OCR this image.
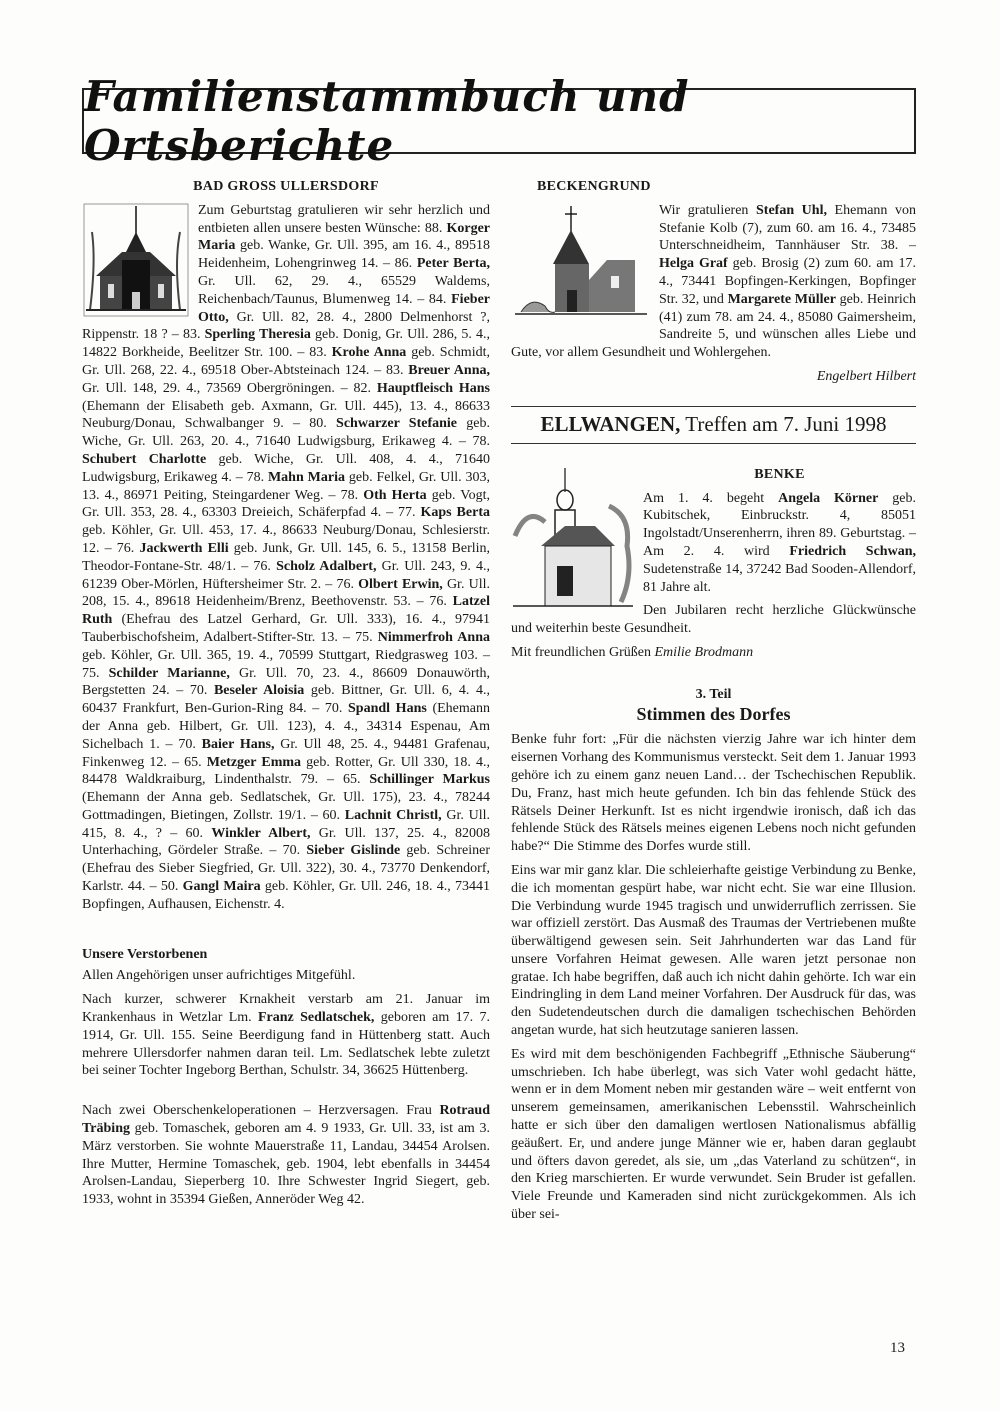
Familienstammbuch und Ortsberichte
BAD GROSS ULLERSDORF

Zum Geburtstag gratulieren wir sehr herzlich und entbieten allen unsere besten Wünsche: 88. Korger Maria geb. Wanke, Gr. Ull. 395, am 16. 4., 89518 Heidenheim, Lohengrinweg 14. – 86. Peter Berta, Gr. Ull. 62, 29. 4., 65529 Waldems, Reichenbach/Taunus, Blumenweg 14. – 84. Fieber Otto, Gr. Ull. 82, 28. 4., 2800 Delmenhorst ?, Rippenstr. 18 ? – 83. Sperling Theresia geb. Donig, Gr. Ull. 286, 5. 4., 14822 Borkheide, Beelitzer Str. 100. – 83. Krohe Anna geb. Schmidt, Gr. Ull. 268, 22. 4., 69518 Ober-Abtsteinach 124. – 83. Breuer Anna, Gr. Ull. 148, 29. 4., 73569 Obergröningen. – 82. Hauptfleisch Hans (Ehemann der Elisabeth geb. Axmann, Gr. Ull. 445), 13. 4., 86633 Neuburg/Donau, Schwalbanger 9. – 80. Schwarzer Stefanie geb. Wiche, Gr. Ull. 263, 20. 4., 71640 Ludwigsburg, Erikaweg 4. – 78. Schubert Charlotte geb. Wiche, Gr. Ull. 408, 4. 4., 71640 Ludwigsburg, Erikaweg 4. – 78. Mahn Maria geb. Felkel, Gr. Ull. 303, 13. 4., 86971 Peiting, Steingardener Weg. – 78. Oth Herta geb. Vogt, Gr. Ull. 353, 28. 4., 63303 Dreieich, Schäferpfad 4. – 77. Kaps Berta geb. Köhler, Gr. Ull. 453, 17. 4., 86633 Neuburg/Donau, Schlesierstr. 12. – 76. Jackwerth Elli geb. Junk, Gr. Ull. 145, 6. 5., 13158 Berlin, Theodor-Fontane-Str. 48/1. – 76. Scholz Adalbert, Gr. Ull. 243, 9. 4., 61239 Ober-Mörlen, Hüftersheimer Str. 2. – 76. Olbert Erwin, Gr. Ull. 208, 15. 4., 89618 Heidenheim/Brenz, Beethovenstr. 53. – 76. Latzel Ruth (Ehefrau des Latzel Gerhard, Gr. Ull. 333), 16. 4., 97941 Tauberbischofsheim, Adalbert-Stifter-Str. 13. – 75. Nimmerfroh Anna geb. Köhler, Gr. Ull. 365, 19. 4., 70599 Stuttgart, Riedgrasweg 103. – 75. Schilder Marianne, Gr. Ull. 70, 23. 4., 86609 Donauwörth, Bergstetten 24. – 70. Beseler Aloisia geb. Bittner, Gr. Ull. 6, 4. 4., 60437 Frankfurt, Ben-Gurion-Ring 84. – 70. Spandl Hans (Ehemann der Anna geb. Hilbert, Gr. Ull. 123), 4. 4., 34314 Espenau, Am Sichelbach 1. – 70. Baier Hans, Gr. Ull 48, 25. 4., 94481 Grafenau, Finkenweg 12. – 65. Metzger Emma geb. Rotter, Gr. Ull 330, 18. 4., 84478 Waldkraiburg, Lindenthalstr. 79. – 65. Schillinger Markus (Ehemann der Anna geb. Sedlatschek, Gr. Ull. 175), 23. 4., 78244 Gottmadingen, Bietingen, Zollstr. 19/1. – 60. Lachnit Christl, Gr. Ull. 415, 8. 4., ? – 60. Winkler Albert, Gr. Ull. 137, 25. 4., 82008 Unterhaching, Gördeler Straße. – 70. Sieber Gislinde geb. Schreiner (Ehefrau des Sieber Siegfried, Gr. Ull. 322), 30. 4., 73770 Denkendorf, Karlstr. 44. – 50. Gangl Maira geb. Köhler, Gr. Ull. 246, 18. 4., 73441 Bopfingen, Aufhausen, Eichenstr. 4.

Unsere Verstorbenen

Allen Angehörigen unser aufrichtiges Mitgefühl.

Nach kurzer, schwerer Krnakheit verstarb am 21. Januar im Krankenhaus in Wetzlar Lm. Franz Sedlatschek, geboren am 17. 7. 1914, Gr. Ull. 155. Seine Beerdigung fand in Hüttenberg statt. Auch mehrere Ullersdorfer nahmen daran teil. Lm. Sedlatschek lebte zuletzt bei seiner Tochter Ingeborg Berthan, Schulstr. 34, 36625 Hüttenberg.

Nach zwei Oberschenkeloperationen – Herzversagen. Frau Rotraud Träbing geb. Tomaschek, geboren am 4. 9 1933, Gr. Ull. 33, ist am 3. März verstorben. Sie wohnte Mauerstraße 11, Landau, 34454 Arolsen. Ihre Mutter, Hermine Tomaschek, geb. 1904, lebt ebenfalls in 34454 Arolsen-Landau, Sieperberg 10. Ihre Schwester Ingrid Siegert, geb. 1933, wohnt in 35394 Gießen, Anneröder Weg 42.

BECKENGRUND

Wir gratulieren Stefan Uhl, Ehemann von Stefanie Kolb (7), zum 60. am 16. 4., 73485 Unterschneidheim, Tannhäuser Str. 38. – Helga Graf geb. Brosig (2) zum 60. am 17. 4., 73441 Bopfingen-Kerkingen, Bopfinger Str. 32, und Margarete Müller geb. Heinrich (41) zum 78. am 24. 4., 85080 Gaimersheim, Sandreite 5, und wünschen alles Liebe und Gute, vor allem Gesundheit und Wohlergehen.

Engelbert Hilbert

ELLWANGEN, Treffen am 7. Juni 1998
BENKE

Am 1. 4. begeht Angela Körner geb. Kubitschek, Einbruckstr. 4, 85051 Ingolstadt/Unserenherrn, ihren 89. Geburtstag. – Am 2. 4. wird Friedrich Schwan, Sudetenstraße 14, 37242 Bad Sooden-Allendorf, 81 Jahre alt.

Den Jubilaren recht herzliche Glückwünsche und weiterhin beste Gesundheit.

Mit freundlichen Grüßen Emilie Brodmann

3. Teil
Stimmen des Dorfes

Benke fuhr fort: „Für die nächsten vierzig Jahre war ich hinter dem eisernen Vorhang des Kommunismus versteckt. Seit dem 1. Januar 1993 gehöre ich zu einem ganz neuen Land… der Tschechischen Republik. Du, Franz, hast mich heute gefunden. Ich bin das fehlende Stück des Rätsels Deiner Herkunft. Ist es nicht irgendwie ironisch, daß ich das fehlende Stück des Rätsels meines eigenen Lebens noch nicht gefunden habe?“ Die Stimme des Dorfes wurde still.

Eins war mir ganz klar. Die schleierhafte geistige Verbindung zu Benke, die ich momentan gespürt habe, war nicht echt. Sie war eine Illusion. Die Verbindung wurde 1945 tragisch und unwiderruflich zerrissen. Sie war offiziell zerstört. Das Ausmaß des Traumas der Vertriebenen mußte überwältigend gewesen sein. Seit Jahrhunderten war das Land für unsere Vorfahren Heimat gewesen. Alle waren jetzt personae non gratae. Ich habe begriffen, daß auch ich nicht dahin gehörte. Ich war ein Eindringling in dem Land meiner Vorfahren. Der Ausdruck für das, was den Sudetendeutschen durch die damaligen tschechischen Behörden angetan wurde, hat sich heutzutage sanieren lassen.

Es wird mit dem beschönigenden Fachbegriff „Ethnische Säuberung“ umschrieben. Ich habe überlegt, was sich Vater wohl gedacht hätte, wenn er in dem Moment neben mir gestanden wäre – weit entfernt von unserem gemeinsamen, amerikanischen Lebensstil. Wahrscheinlich hatte er sich über den damaligen wertlosen Nationalismus abfällig geäußert. Er, und andere junge Männer wie er, haben daran geglaubt und öfters davon geredet, als sie, um „das Vaterland zu schützen“, in den Krieg marschierten. Er wurde verwundet. Sein Bruder ist gefallen. Viele Freunde und Kameraden sind nicht zurückgekommen. Als ich über sei-

13
